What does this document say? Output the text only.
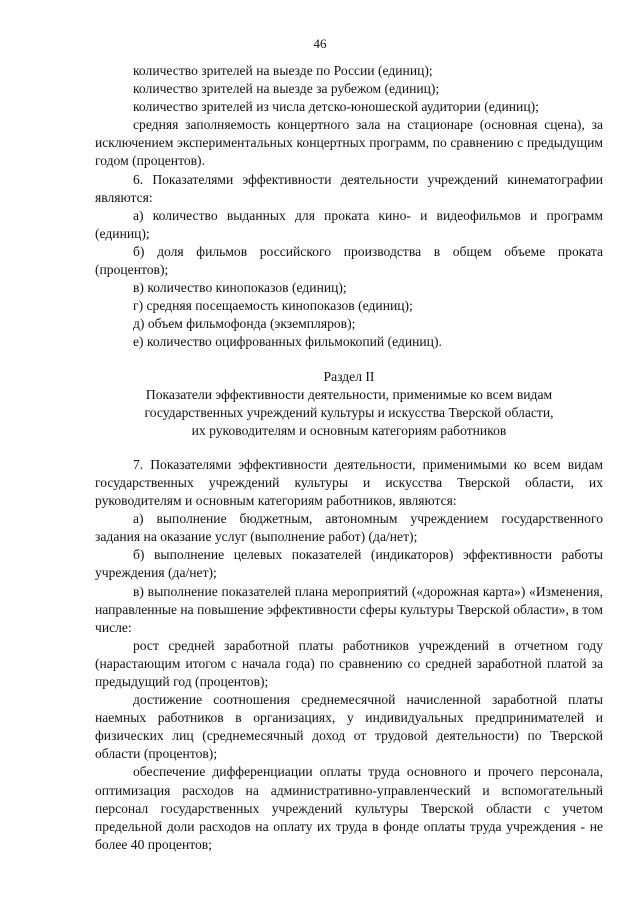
46

количество зрителей на выезде по России (единиц);

количество зрителей на выезде за рубежом (единиц);

количество зрителей из числа детско-юношеской аудитории (единиц);

средняя заполняемость концертного зала на стационаре (основная сцена), за исключением экспериментальных концертных программ, по сравнению с предыдущим годом (процентов).

6. Показателями эффективности деятельности учреждений кинематографии являются:

а) количество выданных для проката кино- и видеофильмов и программ (единиц);

б) доля фильмов российского производства в общем объеме проката (процентов);

в) количество кинопоказов (единиц);

г) средняя посещаемость кинопоказов (единиц);

д) объем фильмофонда (экземпляров);

е) количество оцифрованных фильмокопий (единиц).

Раздел II

Показатели эффективности деятельности, применимые ко всем видам
государственных учреждений культуры и искусства Тверской области,
их руководителям и основным категориям работников

7. Показателями эффективности деятельности, применимыми ко всем видам государственных учреждений культуры и искусства Тверской области, их руководителям и основным категориям работников, являются:

а) выполнение бюджетным, автономным учреждением государственного задания на оказание услуг (выполнение работ) (да/нет);

б) выполнение целевых показателей (индикаторов) эффективности работы учреждения (да/нет);

в) выполнение показателей плана мероприятий («дорожная карта») «Изменения, направленные на повышение эффективности сферы культуры Тверской области», в том числе:

рост средней заработной платы работников учреждений в отчетном году (нарастающим итогом с начала года) по сравнению со средней заработной платой за предыдущий год (процентов);

достижение соотношения среднемесячной начисленной заработной платы наемных работников в организациях, у индивидуальных предпринимателей и физических лиц (среднемесячный доход от трудовой деятельности) по Тверской области (процентов);

обеспечение дифференциации оплаты труда основного и прочего персонала, оптимизация расходов на административно-управленческий и вспомогательный персонал государственных учреждений культуры Тверской области с учетом предельной доли расходов на оплату их труда в фонде оплаты труда учреждения - не более 40 процентов;
